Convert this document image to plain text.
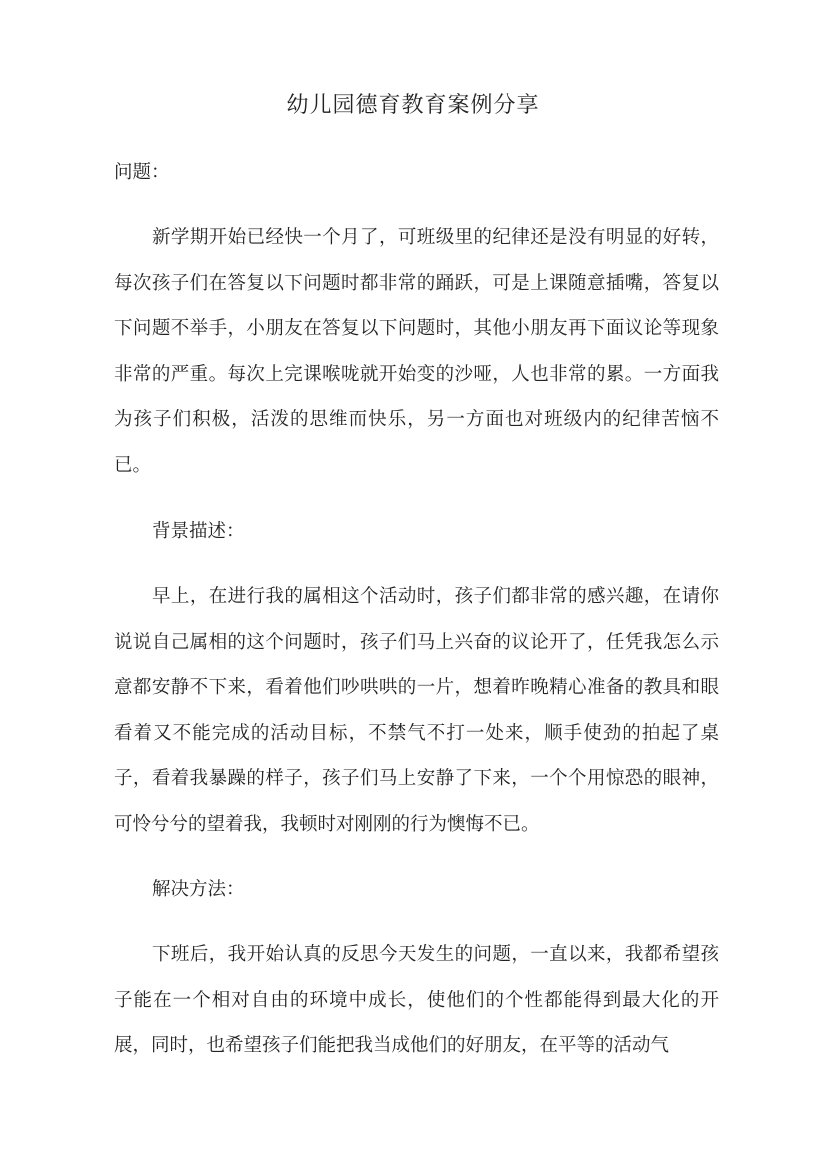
幼儿园德育教育案例分享
问题：
新学期开始已经快一个月了，可班级里的纪律还是没有明显的好转，每次孩子们在答复以下问题时都非常的踊跃，可是上课随意插嘴，答复以下问题不举手，小朋友在答复以下问题时，其他小朋友再下面议论等现象非常的严重。每次上完课喉咙就开始变的沙哑，人也非常的累。一方面我为孩子们积极，活泼的思维而快乐，另一方面也对班级内的纪律苦恼不已。
背景描述：
早上，在进行我的属相这个活动时，孩子们都非常的感兴趣，在请你说说自己属相的这个问题时，孩子们马上兴奋的议论开了，任凭我怎么示意都安静不下来，看着他们吵哄哄的一片，想着昨晚精心准备的教具和眼看着又不能完成的活动目标，不禁气不打一处来，顺手使劲的拍起了桌子，看着我暴躁的样子，孩子们马上安静了下来，一个个用惊恐的眼神，可怜兮兮的望着我，我顿时对刚刚的行为懊悔不已。
解决方法：
下班后，我开始认真的反思今天发生的问题，一直以来，我都希望孩子能在一个相对自由的环境中成长，使他们的个性都能得到最大化的开展，同时，也希望孩子们能把我当成他们的好朋友，在平等的活动气
